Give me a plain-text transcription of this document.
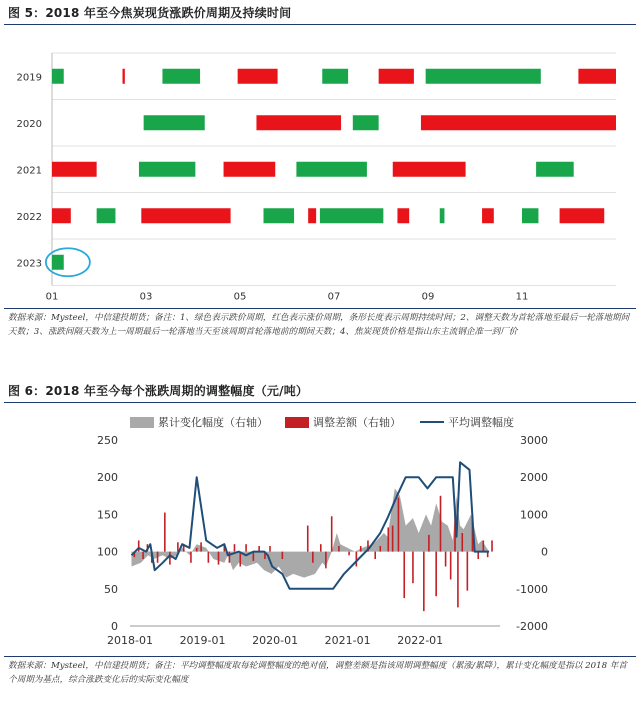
图 5：2018 年至今焦炭现货涨跌价周期及持续时间
2019
2020
2021
2022
2023
01	03	05	07	09	11
数据来源：Mysteel，中信建投期货；备注：1、绿色表示跌价周期，红色表示涨价周期，条形长度表示周期持续时间；2、调整天数为首轮落地至最后一轮落地期间天数；3、涨跌间隔天数为上一周期最后一轮落地当天至该周期首轮落地前的期间天数；4、焦炭现货价格是指山东主流钢企准一到厂价
图 6：2018 年至今每个涨跌周期的调整幅度（元/吨）
累计变化幅度（右轴）	调整差额（右轴）	平均调整幅度
0
50
100
150
200
250
-2000
-1000
0
1000
2000
3000
2018-01 2019-01 2020-01 2021-01 2022-01
数据来源：Mysteel，中信建投期货；备注：平均调整幅度取每轮调整幅度的绝对值，调整差额是指该周期调整幅度（累涨/累降），累计变化幅度是指以 2018 年首个周期为基点，综合涨跌变化后的实际变化幅度
